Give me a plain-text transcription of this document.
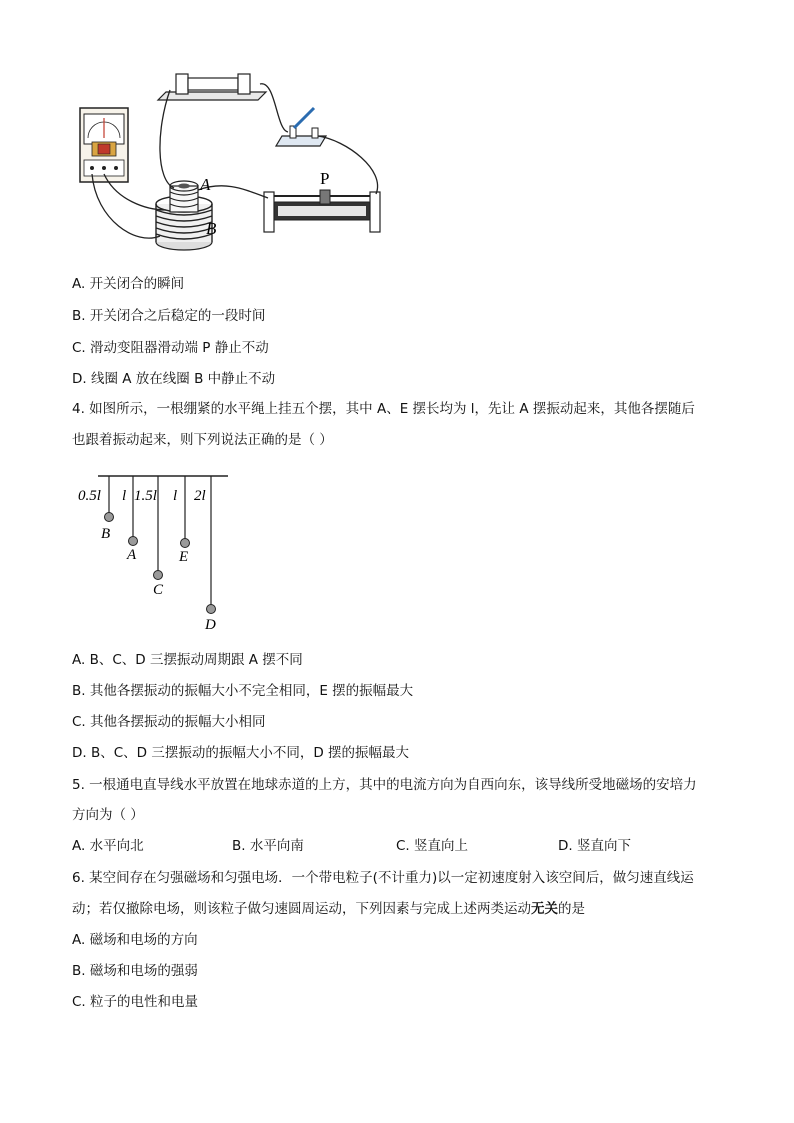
A
B
P
A. 开关闭合的瞬间
B. 开关闭合之后稳定的一段时间
C. 滑动变阻器滑动端 P 静止不动
D. 线圈 A 放在线圈 B 中静止不动
4. 如图所示，一根绷紧的水平绳上挂五个摆，其中 A、E 摆长均为 l，先让 A 摆振动起来，其他各摆随后
也跟着振动起来，则下列说法正确的是（ ）
0.5l l 1.5l l 2l
B
A
C
E
D
A. B、C、D 三摆振动周期跟 A 摆不同
B. 其他各摆振动的振幅大小不完全相同，E 摆的振幅最大
C. 其他各摆振动的振幅大小相同
D. B、C、D 三摆振动的振幅大小不同，D 摆的振幅最大
5. 一根通电直导线水平放置在地球赤道的上方，其中的电流方向为自西向东，该导线所受地磁场的安培力
方向为（ ）
A. 水平向北	B. 水平向南	C. 竖直向上	D. 竖直向下
6. 某空间存在匀强磁场和匀强电场．一个带电粒子(不计重力)以一定初速度射入该空间后，做匀速直线运
动；若仅撤除电场，则该粒子做匀速圆周运动，下列因素与完成上述两类运动无关的是
A. 磁场和电场的方向
B. 磁场和电场的强弱
C. 粒子的电性和电量
